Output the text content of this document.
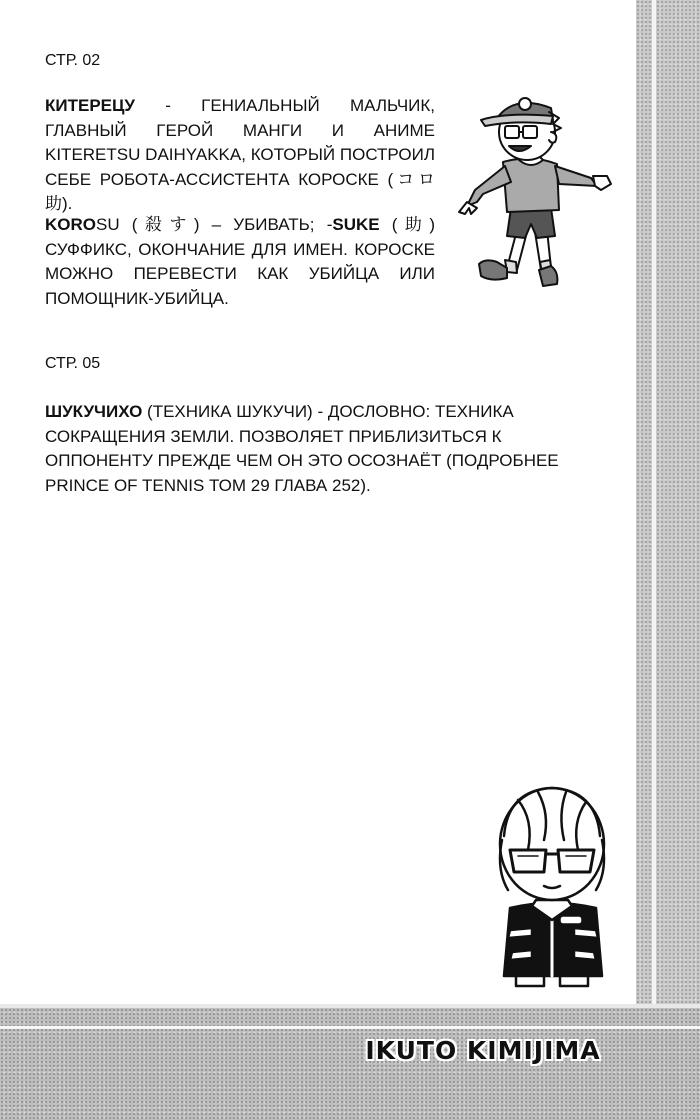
СТР. 02
КИТЕРЕЦУ - ГЕНИАЛЬНЫЙ МАЛЬЧИК, ГЛАВНЫЙ ГЕРОЙ МАНГИ И АНИМЕ KITERETSU DAIHYAKKA, КОТОРЫЙ ПОСТРОИЛ СЕБЕ РОБОТА-АССИСТЕНТА КОРОСКЕ (コロ助).
KOROSU (殺す) – УБИВАТЬ; -SUKE (助) СУФФИКС, ОКОНЧАНИЕ ДЛЯ ИМЕН. КОРОСКЕ МОЖНО ПЕРЕВЕСТИ КАК УБИЙЦА ИЛИ ПОМОЩНИК-УБИЙЦА.
СТР. 05
ШУКУЧИХО (ТЕХНИКА ШУКУЧИ) - ДОСЛОВНО: ТЕХНИКА СОКРАЩЕНИЯ ЗЕМЛИ. ПОЗВОЛЯЕТ ПРИБЛИЗИТЬСЯ К ОППОНЕНТУ ПРЕЖДЕ ЧЕМ ОН ЭТО ОСОЗНАЁТ (ПОДРОБНЕЕ PRINCE OF TENNIS ТОМ 29 ГЛАВА 252).
IKUTO KIMIJIMA
